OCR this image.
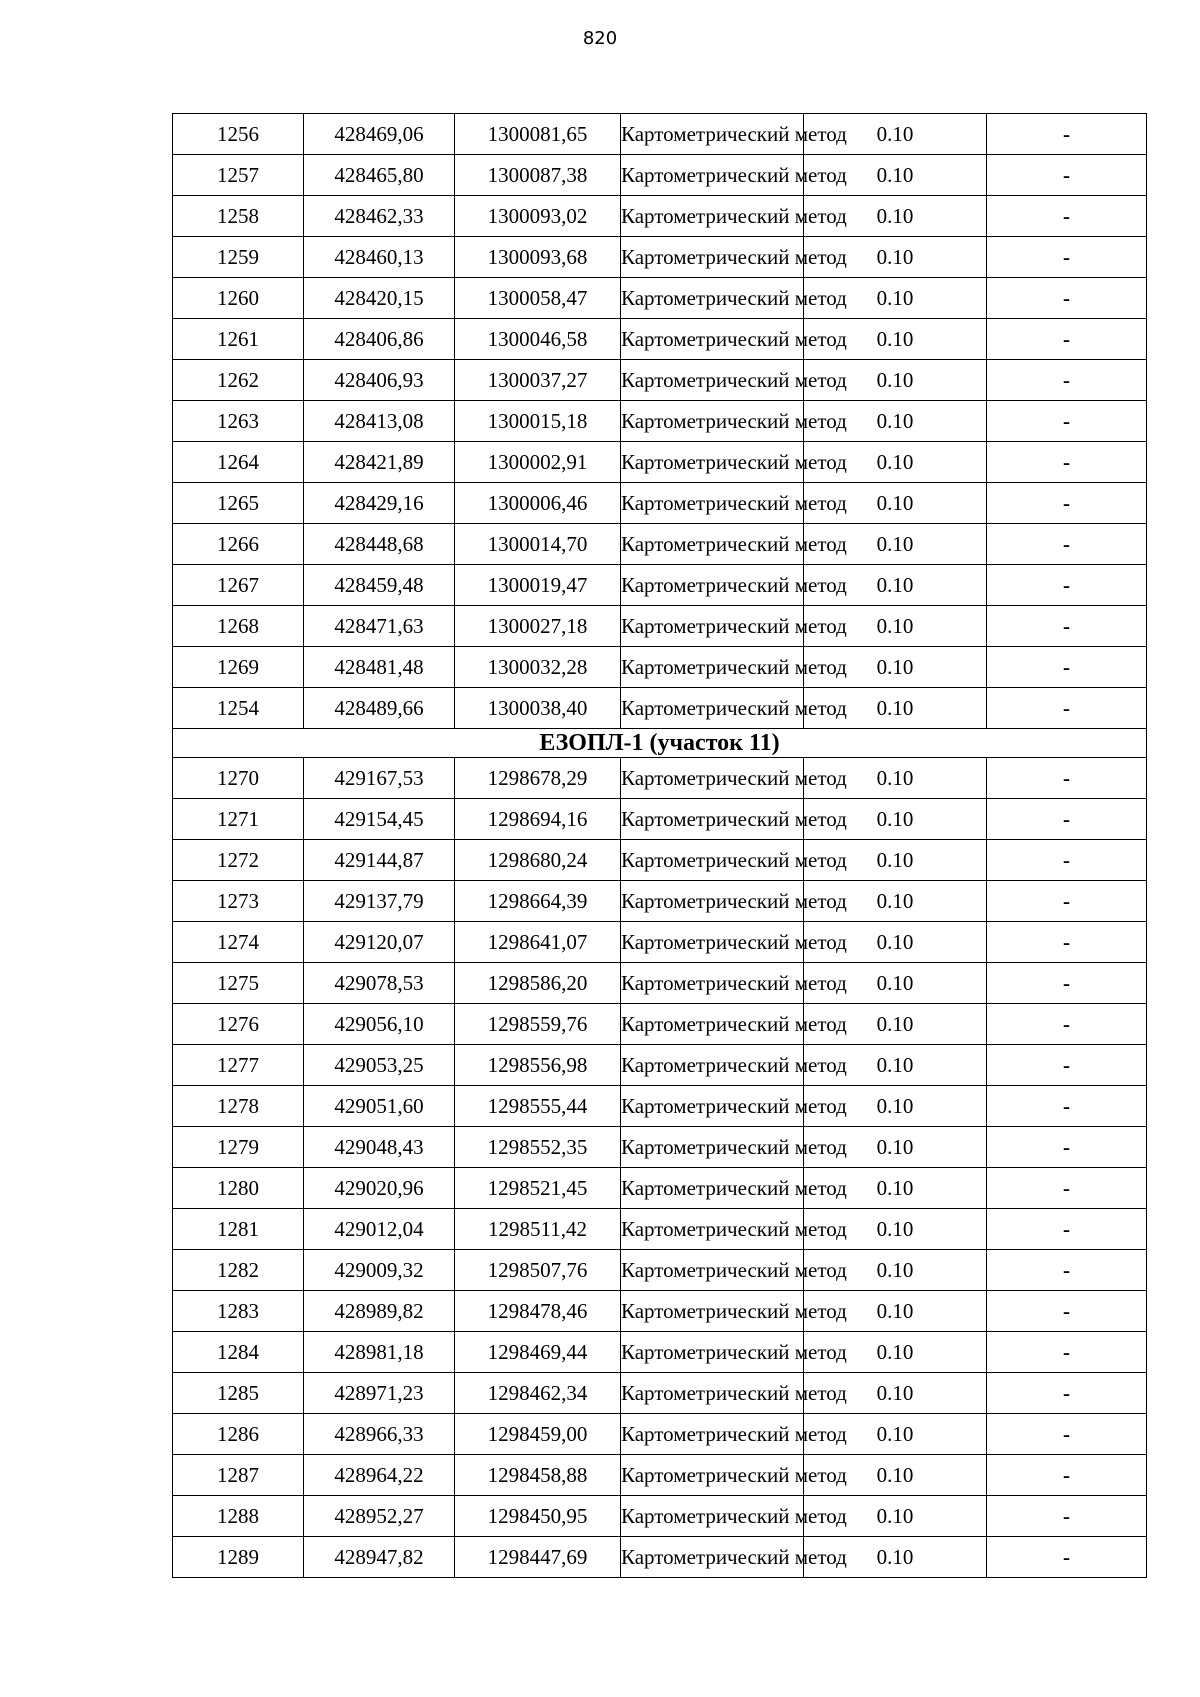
820
1256	428469,06	1300081,65	Картометрический метод	0.10	-
1257	428465,80	1300087,38	Картометрический метод	0.10	-
1258	428462,33	1300093,02	Картометрический метод	0.10	-
1259	428460,13	1300093,68	Картометрический метод	0.10	-
1260	428420,15	1300058,47	Картометрический метод	0.10	-
1261	428406,86	1300046,58	Картометрический метод	0.10	-
1262	428406,93	1300037,27	Картометрический метод	0.10	-
1263	428413,08	1300015,18	Картометрический метод	0.10	-
1264	428421,89	1300002,91	Картометрический метод	0.10	-
1265	428429,16	1300006,46	Картометрический метод	0.10	-
1266	428448,68	1300014,70	Картометрический метод	0.10	-
1267	428459,48	1300019,47	Картометрический метод	0.10	-
1268	428471,63	1300027,18	Картометрический метод	0.10	-
1269	428481,48	1300032,28	Картометрический метод	0.10	-
1254	428489,66	1300038,40	Картометрический метод	0.10	-
ЕЗОПЛ-1 (участок 11)					
1270	429167,53	1298678,29	Картометрический метод	0.10	-
1271	429154,45	1298694,16	Картометрический метод	0.10	-
1272	429144,87	1298680,24	Картометрический метод	0.10	-
1273	429137,79	1298664,39	Картометрический метод	0.10	-
1274	429120,07	1298641,07	Картометрический метод	0.10	-
1275	429078,53	1298586,20	Картометрический метод	0.10	-
1276	429056,10	1298559,76	Картометрический метод	0.10	-
1277	429053,25	1298556,98	Картометрический метод	0.10	-
1278	429051,60	1298555,44	Картометрический метод	0.10	-
1279	429048,43	1298552,35	Картометрический метод	0.10	-
1280	429020,96	1298521,45	Картометрический метод	0.10	-
1281	429012,04	1298511,42	Картометрический метод	0.10	-
1282	429009,32	1298507,76	Картометрический метод	0.10	-
1283	428989,82	1298478,46	Картометрический метод	0.10	-
1284	428981,18	1298469,44	Картометрический метод	0.10	-
1285	428971,23	1298462,34	Картометрический метод	0.10	-
1286	428966,33	1298459,00	Картометрический метод	0.10	-
1287	428964,22	1298458,88	Картометрический метод	0.10	-
1288	428952,27	1298450,95	Картометрический метод	0.10	-
1289	428947,82	1298447,69	Картометрический метод	0.10	-
